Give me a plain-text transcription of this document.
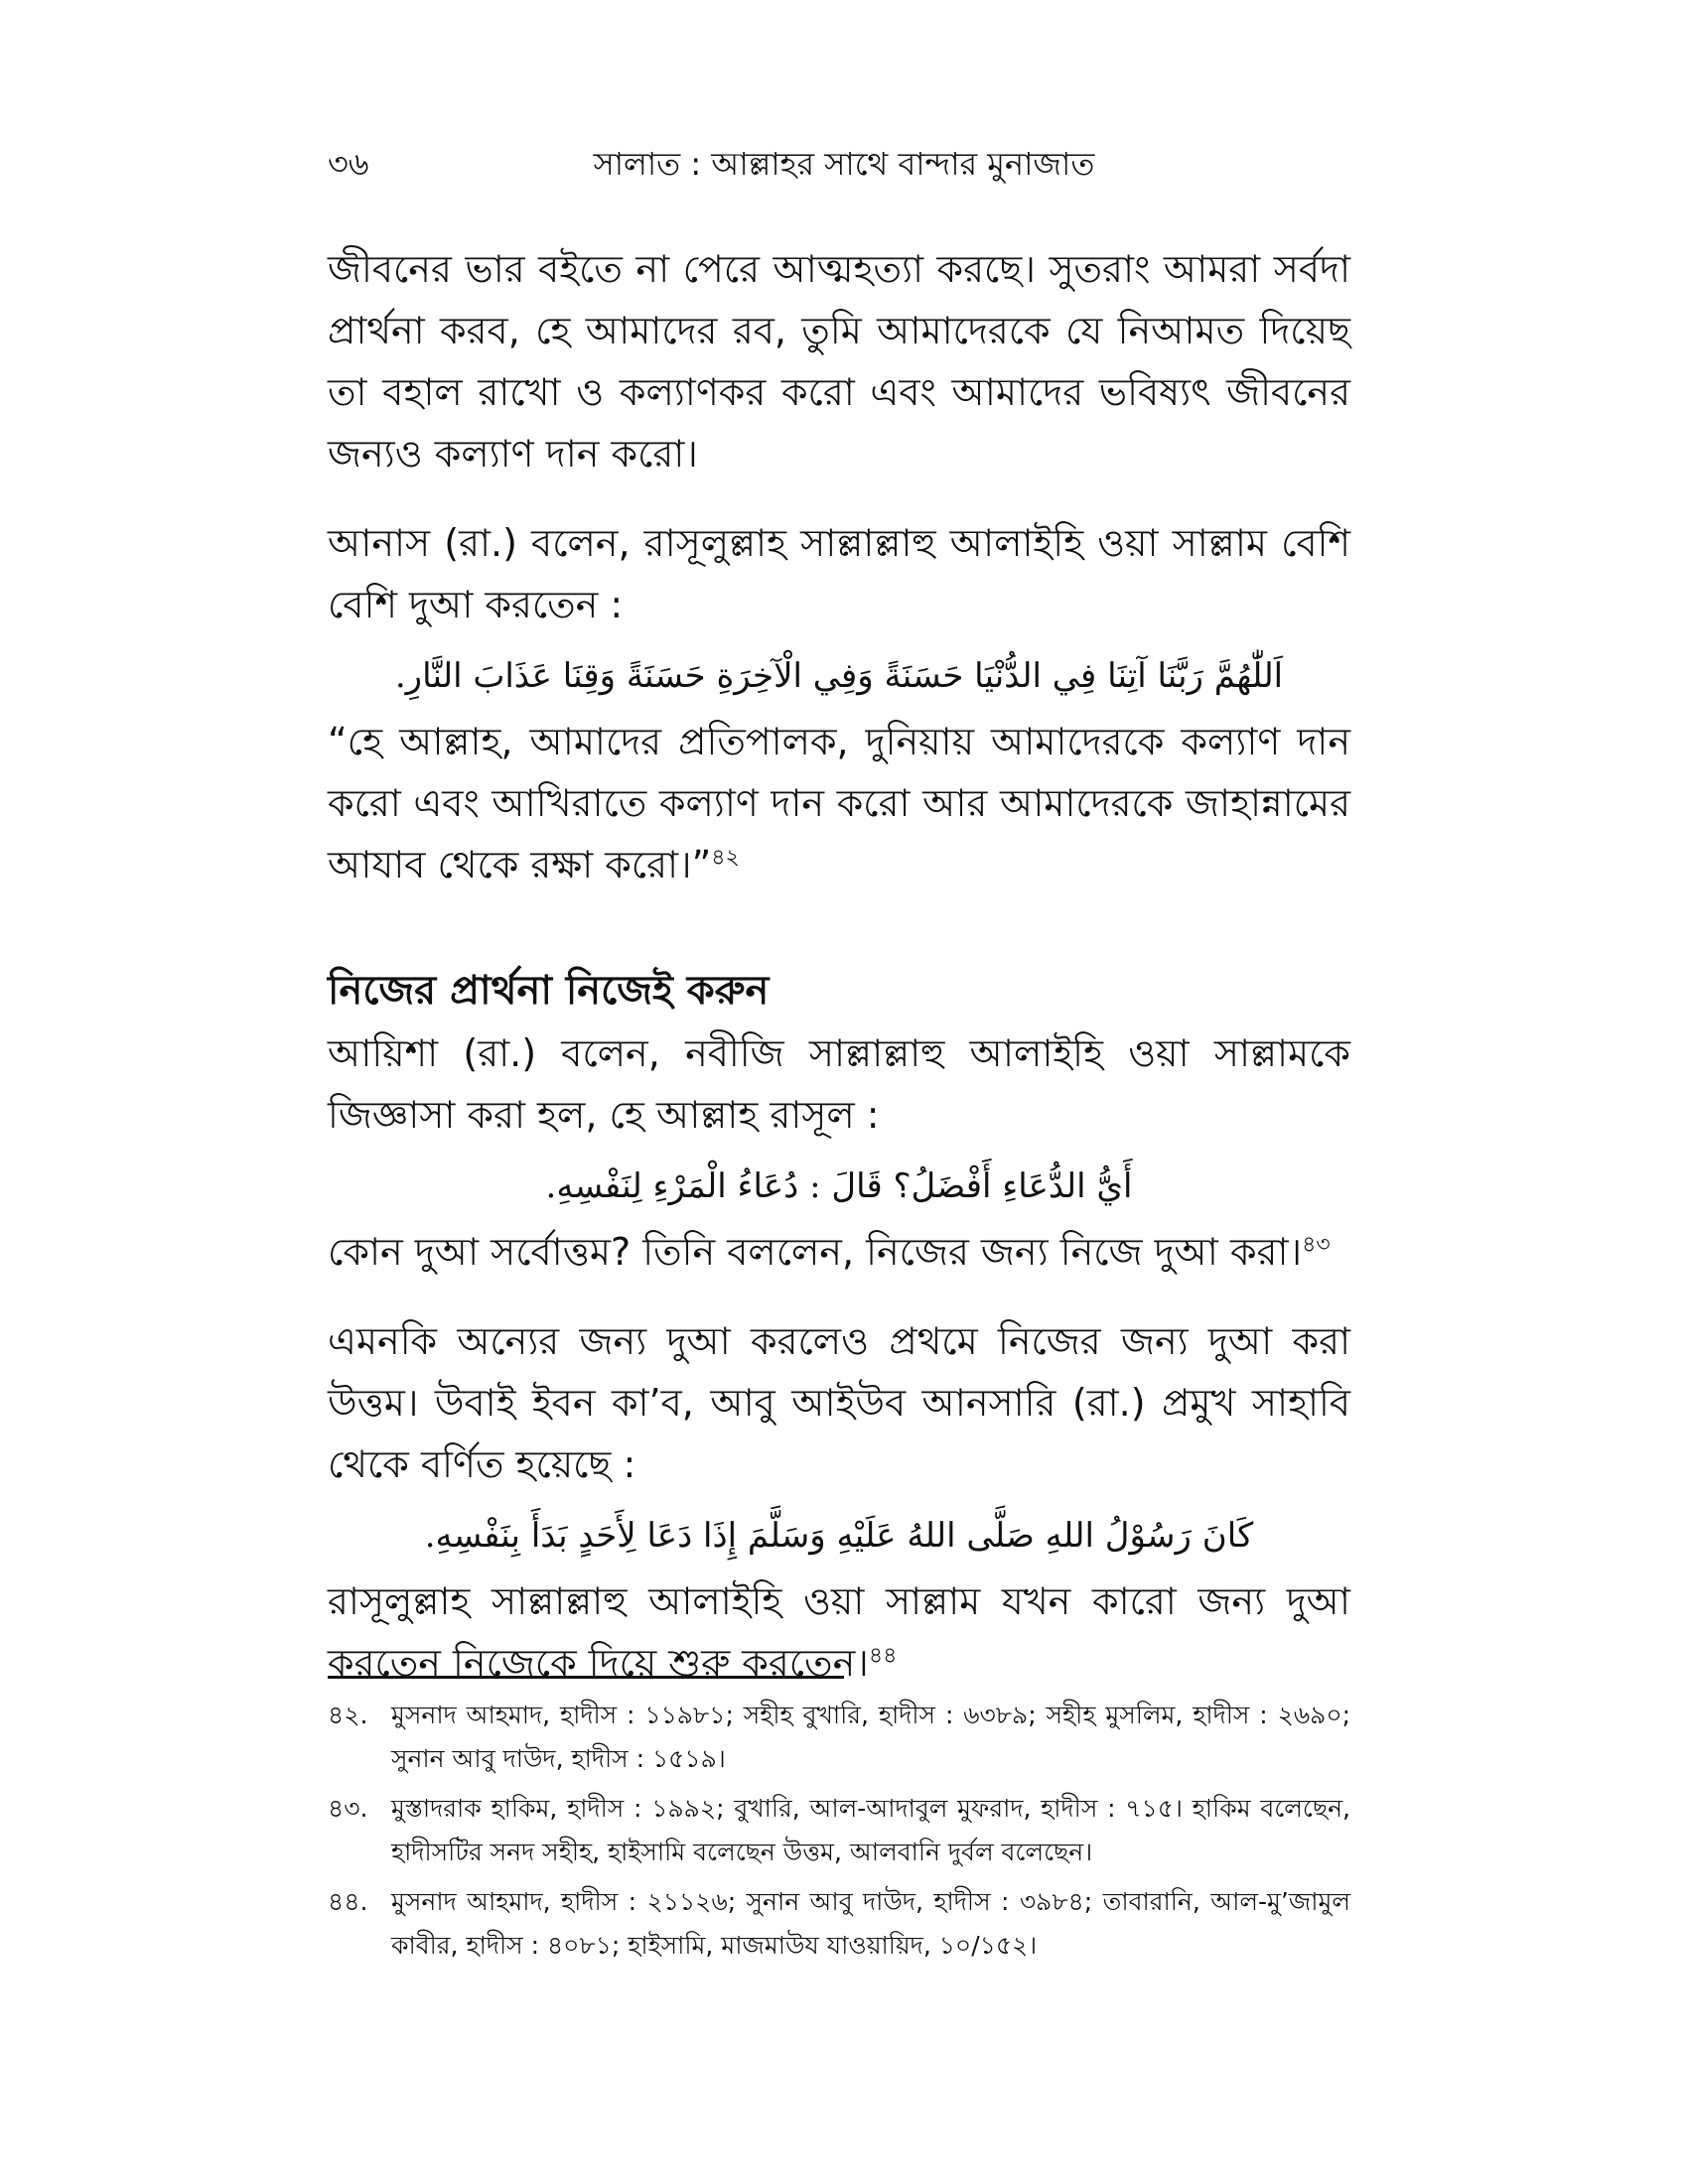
সালাত : আল্লাহর সাথে বান্দার মুনাজাত
৩৬

জীবনের ভার বইতে না পেরে আত্মহত্যা করছে। সুতরাং আমরা সর্বদা প্রার্থনা করব, হে আমাদের রব, তুমি আমাদেরকে যে নিআমত দিয়েছ তা বহাল রাখো ও কল্যাণকর করো এবং আমাদের ভবিষ্যৎ জীবনের জন্যও কল্যাণ দান করো।

আনাস (রা.) বলেন, রাসূলুল্লাহ সাল্লাল্লাহু আলাইহি ওয়া সাল্লাম বেশি বেশি দুআ করতেন :

اَللّٰهُمَّ رَبَّنَا آتِنَا فِي الدُّنْيَا حَسَنَةً وَفِي الْآخِرَةِ حَسَنَةً وَقِنَا عَذَابَ النَّارِ.

“হে আল্লাহ, আমাদের প্রতিপালক, দুনিয়ায় আমাদেরকে কল্যাণ দান করো এবং আখিরাতে কল্যাণ দান করো আর আমাদেরকে জাহান্নামের আযাব থেকে রক্ষা করো।”$^{৪২}$

নিজের প্রার্থনা নিজেই করুন

আয়িশা (রা.) বলেন, নবীজি সাল্লাল্লাহু আলাইহি ওয়া সাল্লামকে জিজ্ঞাসা করা হল, হে আল্লাহ রাসূল :

أَيُّ الدُّعَاءِ أَفْضَلُ؟ قَالَ : دُعَاءُ الْمَرْءِ لِنَفْسِهِ.

কোন দুআ সর্বোত্তম? তিনি বললেন, নিজের জন্য নিজে দুআ করা।$^{৪৩}$

এমনকি অন্যের জন্য দুআ করলেও প্রথমে নিজের জন্য দুআ করা উত্তম। উবাই ইবন কা’ব, আবু আইউব আনসারি (রা.) প্রমুখ সাহাবি থেকে বর্ণিত হয়েছে :

كَانَ رَسُوْلُ اللهِ صَلَّى اللهُ عَلَيْهِ وَسَلَّمَ إِذَا دَعَا لِأَحَدٍ بَدَأَ بِنَفْسِهِ.

রাসূলুল্লাহ সাল্লাল্লাহু আলাইহি ওয়া সাল্লাম যখন কারো জন্য দুআ করতেন নিজেকে দিয়ে শুরু করতেন।$^{৪৪}$

৪২. মুসনাদ আহমাদ, হাদীস : ১১৯৮১; সহীহ বুখারি, হাদীস : ৬৩৮৯; সহীহ মুসলিম, হাদীস : ২৬৯০; সুনান আবু দাউদ, হাদীস : ১৫১৯।
৪৩. মুস্তাদরাক হাকিম, হাদীস : ১৯৯২; বুখারি, আল-আদাবুল মুফরাদ, হাদীস : ৭১৫। হাকিম বলেছেন, হাদীসটির সনদ সহীহ, হাইসামি বলেছেন উত্তম, আলবানি দুর্বল বলেছেন।
৪৪. মুসনাদ আহমাদ, হাদীস : ২১১২৬; সুনান আবু দাউদ, হাদীস : ৩৯৮৪; তাবারানি, আল-মু’জামুল কাবীর, হাদীস : ৪০৮১; হাইসামি, মাজমাউয যাওয়ায়িদ, ১০/১৫২।
